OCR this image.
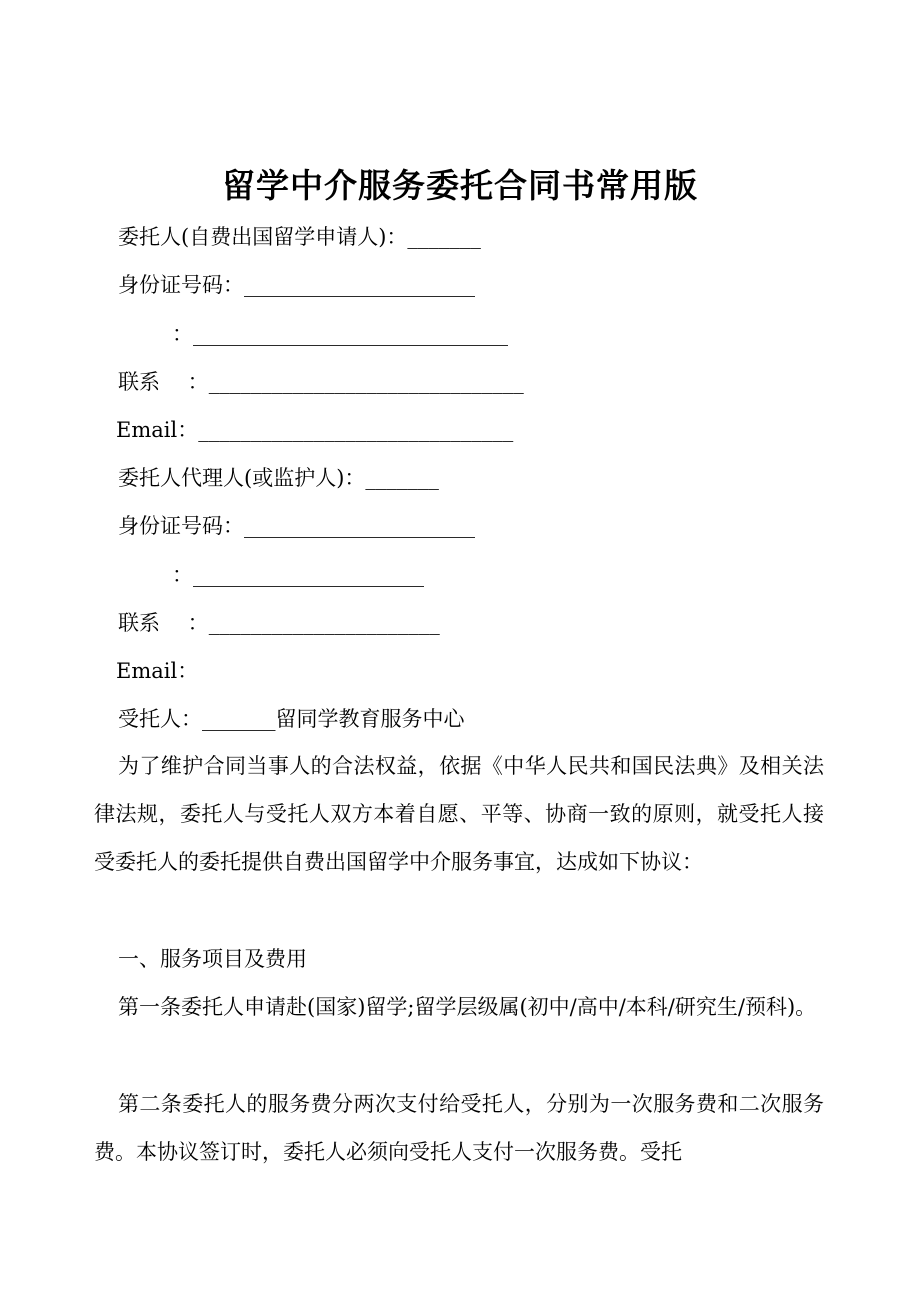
留学中介服务委托合同书常用版
委托人(自费出国留学申请人)：_______
身份证号码：______________________
：______________________________
联系　 ：______________________________
Email：______________________________
委托人代理人(或监护人)：_______
身份证号码：______________________
：______________________
联系　 ：______________________
Email：
受托人：_______留同学教育服务中心
为了维护合同当事人的合法权益，依据《中华人民共和国民法典》及相关法律法规，委托人与受托人双方本着自愿、平等、协商一致的原则，就受托人接受委托人的委托提供自费出国留学中介服务事宜，达成如下协议：
一、服务项目及费用
第一条委托人申请赴(国家)留学;留学层级属(初中/高中/本科/研究生/预科)。
第二条委托人的服务费分两次支付给受托人，分别为一次服务费和二次服务费。本协议签订时，委托人必须向受托人支付一次服务费。受托
